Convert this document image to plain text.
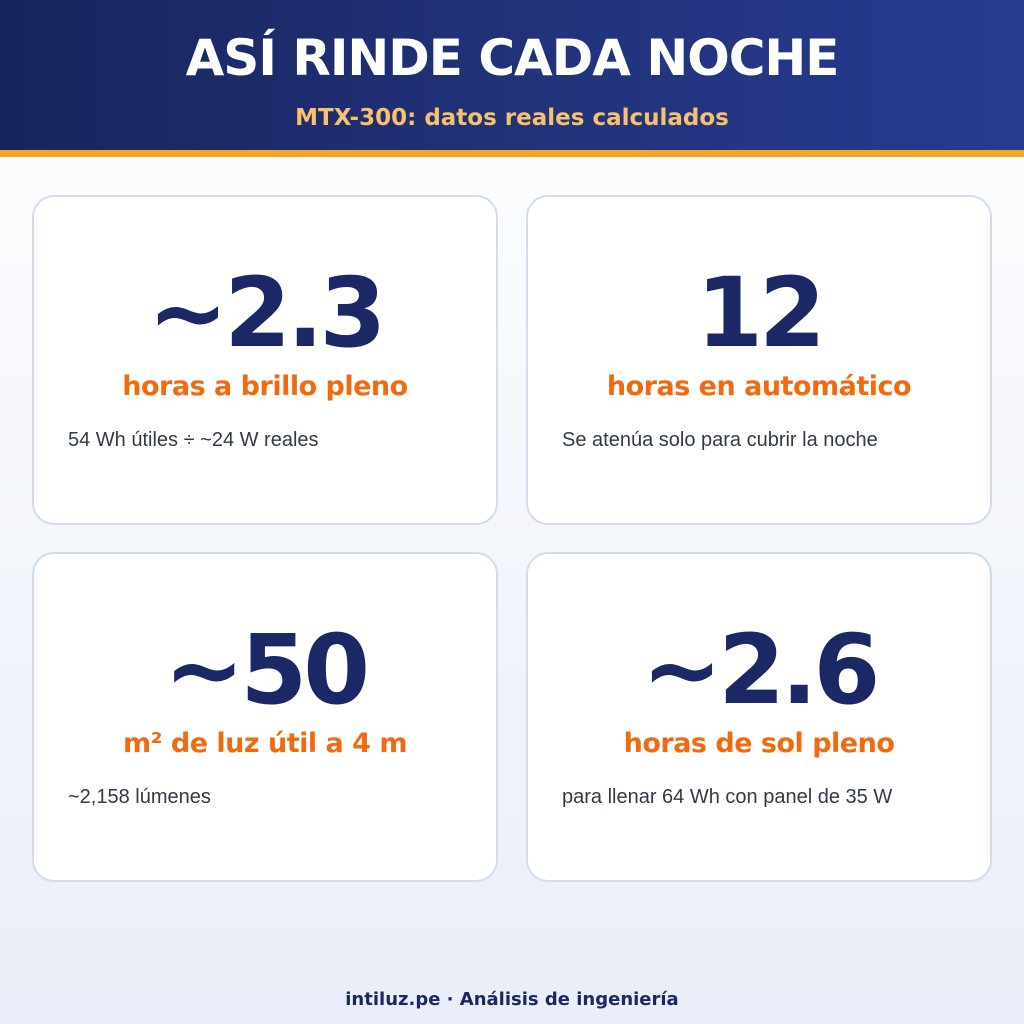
ASÍ RINDE CADA NOCHE
MTX-300: datos reales calculados
~2.3
horas a brillo pleno
54 Wh útiles ÷ ~24 W reales
12
horas en automático
Se atenúa solo para cubrir la noche
~50
m² de luz útil a 4 m
~2,158 lúmenes
~2.6
horas de sol pleno
para llenar 64 Wh con panel de 35 W
intiluz.pe · Análisis de ingeniería
